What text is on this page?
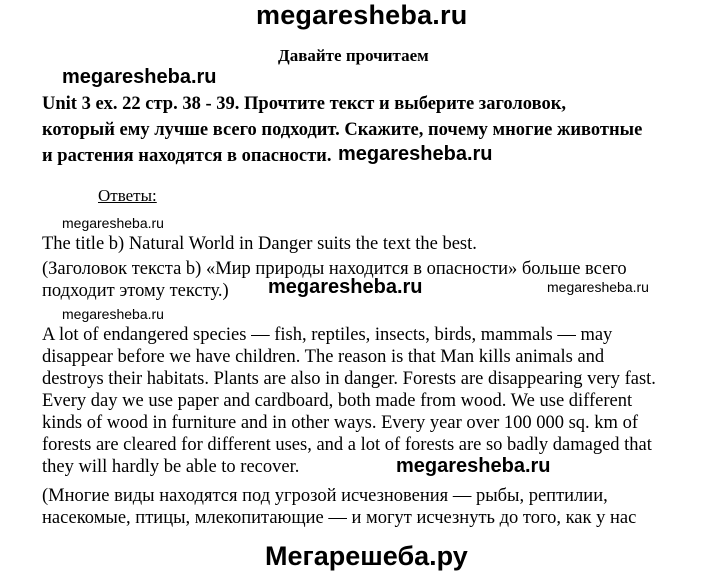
megaresheba.ru
Давайте прочитаем
megaresheba.ru
Unit 3 ex. 22 стр. 38 - 39. Прочтите текст и выберите заголовок,
который ему лучше всего подходит. Скажите, почему многие животные
и растения находятся в опасности. megaresheba.ru
Ответы:
megaresheba.ru
The title b) Natural World in Danger suits the text the best.
(Заголовок текста b) «Мир природы находится в опасности» больше всего
подходит этому тексту.)	megaresheba.ru	megaresheba.ru
megaresheba.ru
A lot of endangered species — fish, reptiles, insects, birds, mammals — may
disappear before we have children. The reason is that Man kills animals and
destroys their habitats. Plants are also in danger. Forests are disappearing very fast.
Every day we use paper and cardboard, both made from wood. We use different
kinds of wood in furniture and in other ways. Every year over 100 000 sq. km of
forests are cleared for different uses, and a lot of forests are so badly damaged that
they will hardly be able to recover.	megaresheba.ru
(Многие виды находятся под угрозой исчезновения — рыбы, рептилии,
насекомые, птицы, млекопитающие — и могут исчезнуть до того, как у нас
Мегарешеба.ру
